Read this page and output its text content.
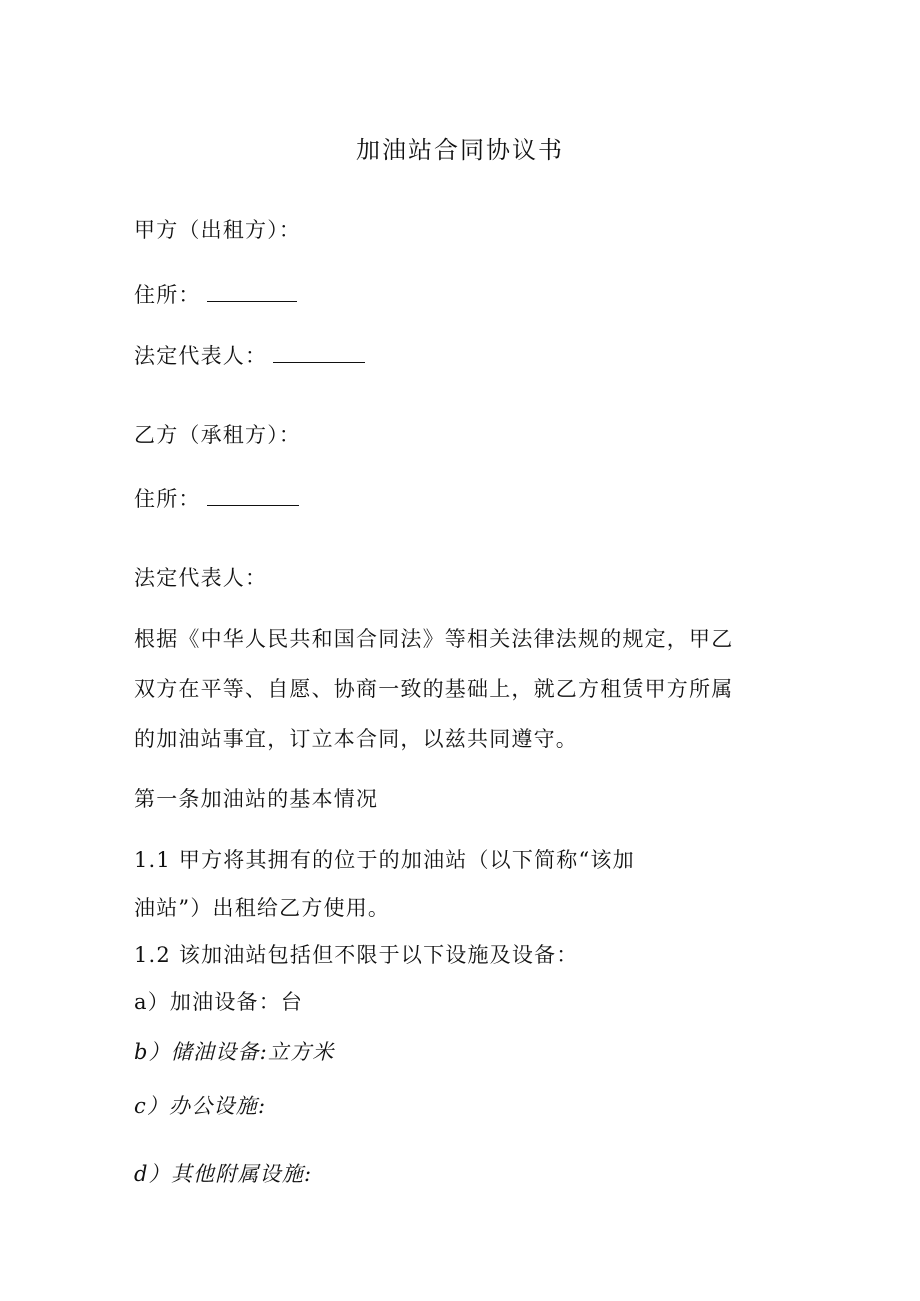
加油站合同协议书
甲方（出租方）：
住所：
法定代表人：
乙方（承租方）：
住所：
法定代表人：
根据《中华人民共和国合同法》等相关法律法规的规定，甲乙
双方在平等、自愿、协商一致的基础上，就乙方租赁甲方所属
的加油站事宜，订立本合同，以兹共同遵守。
第一条加油站的基本情况
1.1 甲方将其拥有的位于的加油站（以下简称“该加
油站”）出租给乙方使用。
1.2 该加油站包括但不限于以下设施及设备：
a）加油设备：台
b）储油设备:立方米
c）办公设施:
d）其他附属设施:
